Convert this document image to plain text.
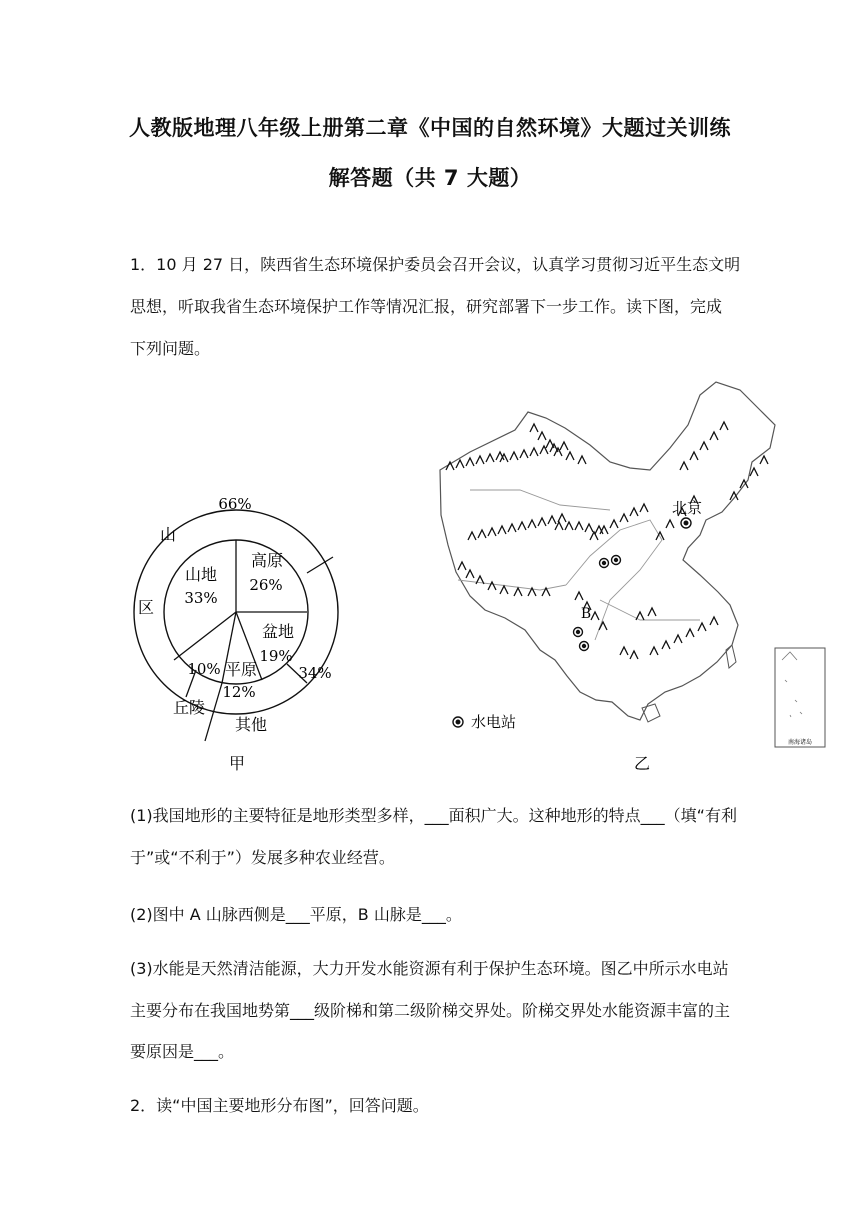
人教版地理八年级上册第二章《中国的自然环境》大题过关训练
解答题（共 7 大题）
1．10 月 27 日，陕西省生态环境保护委员会召开会议，认真学习贯彻习近平生态文明
思想，听取我省生态环境保护工作等情况汇报，研究部署下一步工作。读下图，完成
下列问题。
66%
34%
山
区
丘陵
其他
山地
33%
高原
26%
盆地
19%
平原
12%
10%
甲
北京
B
水电站
乙
南海诸岛
(1)我国地形的主要特征是地形类型多样，___面积广大。这种地形的特点___（填“有利
于”或“不利于”）发展多种农业经营。
(2)图中 A 山脉西侧是___平原，B 山脉是___。
(3)水能是天然清洁能源，大力开发水能资源有利于保护生态环境。图乙中所示水电站
主要分布在我国地势第___级阶梯和第二级阶梯交界处。阶梯交界处水能资源丰富的主
要原因是___。
2．读“中国主要地形分布图”，回答问题。
